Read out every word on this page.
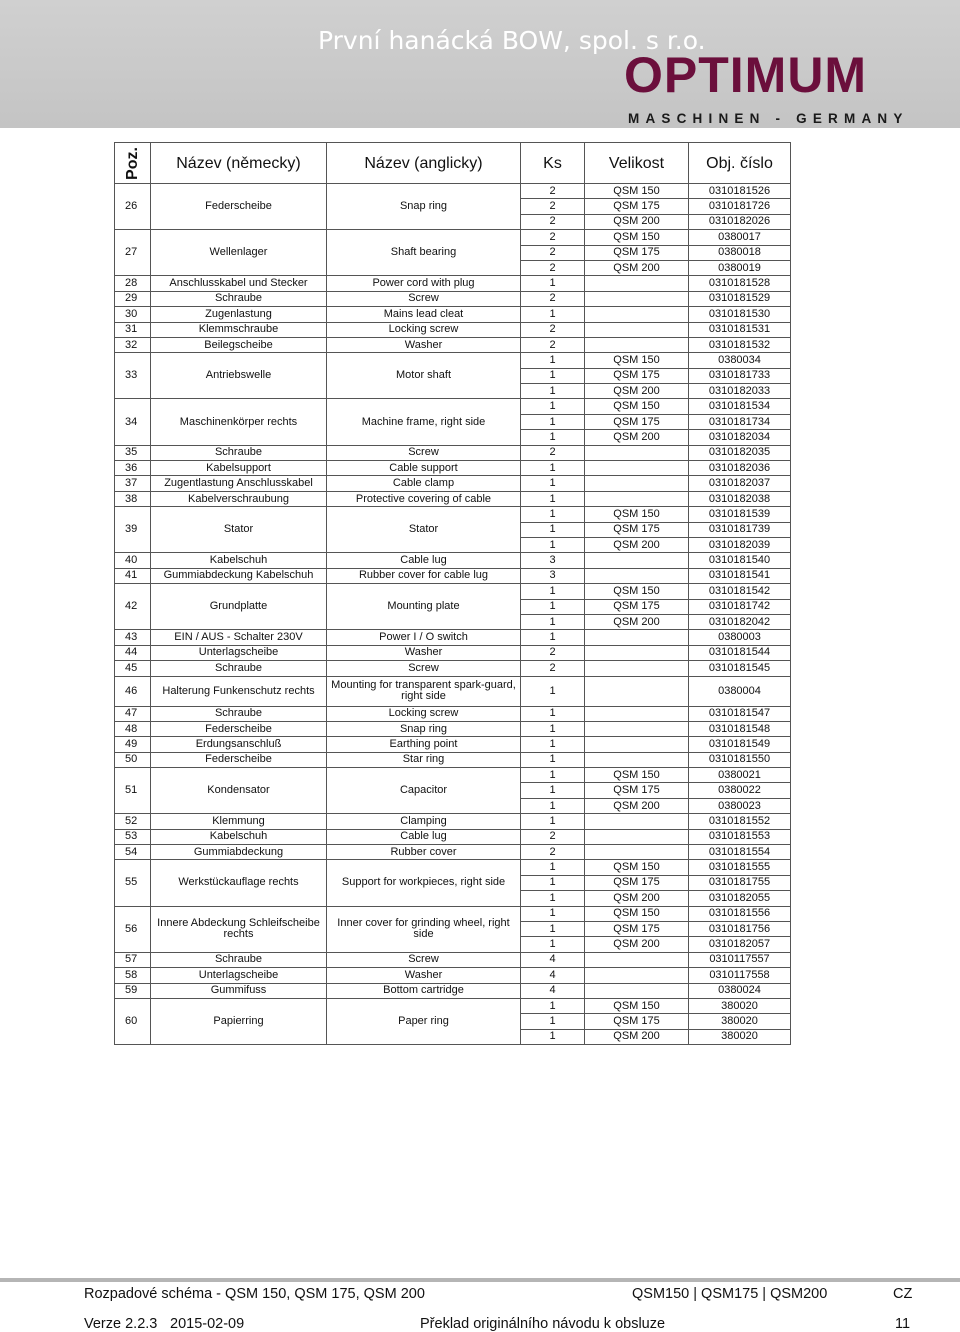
První hanácká BOW, spol. s r.o.
OPTIMUM
MASCHINEN - GERMANY
Poz.	Název (německy)	Název (anglicky)	Ks	Velikost	Obj. číslo
26	Federscheibe	Snap ring	2	QSM 150	0310181526
			2	QSM 175	0310181726
			2	QSM 200	0310182026
27	Wellenlager	Shaft bearing	2	QSM 150	0380017
			2	QSM 175	0380018
			2	QSM 200	0380019
28	Anschlusskabel und Stecker	Power cord with plug	1		0310181528
29	Schraube	Screw	2		0310181529
30	Zugenlastung	Mains lead cleat	1		0310181530
31	Klemmschraube	Locking screw	2		0310181531
32	Beilegscheibe	Washer	2		0310181532
33	Antriebswelle	Motor shaft	1	QSM 150	0380034
			1	QSM 175	0310181733
			1	QSM 200	0310182033
34	Maschinenkörper rechts	Machine frame, right side	1	QSM 150	0310181534
			1	QSM 175	0310181734
			1	QSM 200	0310182034
35	Schraube	Screw	2		0310182035
36	Kabelsupport	Cable support	1		0310182036
37	Zugentlastung Anschlusskabel	Cable clamp	1		0310182037
38	Kabelverschraubung	Protective covering of cable	1		0310182038
39	Stator	Stator	1	QSM 150	0310181539
			1	QSM 175	0310181739
			1	QSM 200	0310182039
40	Kabelschuh	Cable lug	3		0310181540
41	Gummiabdeckung Kabelschuh	Rubber cover for cable lug	3		0310181541
42	Grundplatte	Mounting plate	1	QSM 150	0310181542
			1	QSM 175	0310181742
			1	QSM 200	0310182042
43	EIN / AUS - Schalter 230V	Power I / O switch	1		0380003
44	Unterlagscheibe	Washer	2		0310181544
45	Schraube	Screw	2		0310181545
46	Halterung Funkenschutz rechts	Mounting for transparent spark-guard, right side	1		0380004
47	Schraube	Locking screw	1		0310181547
48	Federscheibe	Snap ring	1		0310181548
49	Erdungsanschluß	Earthing point	1		0310181549
50	Federscheibe	Star ring	1		0310181550
51	Kondensator	Capacitor	1	QSM 150	0380021
			1	QSM 175	0380022
			1	QSM 200	0380023
52	Klemmung	Clamping	1		0310181552
53	Kabelschuh	Cable lug	2		0310181553
54	Gummiabdeckung	Rubber cover	2		0310181554
55	Werkstückauflage rechts	Support for workpieces, right side	1	QSM 150	0310181555
			1	QSM 175	0310181755
			1	QSM 200	0310182055
56	Innere Abdeckung Schleifscheibe rechts	Inner cover for grinding wheel, right side	1	QSM 150	0310181556
			1	QSM 175	0310181756
			1	QSM 200	0310182057
57	Schraube	Screw	4		0310117557
58	Unterlagscheibe	Washer	4		0310117558
59	Gummifuss	Bottom cartridge	4		0380024
60	Papierring	Paper ring	1	QSM 150	380020
			1	QSM 175	380020
			1	QSM 200	380020
Rozpadové schéma - QSM 150, QSM 175, QSM 200	QSM150 | QSM175 | QSM200	CZ
Verze 2.2.3 2015-02-09	Překlad originálního návodu k obsluze	11
